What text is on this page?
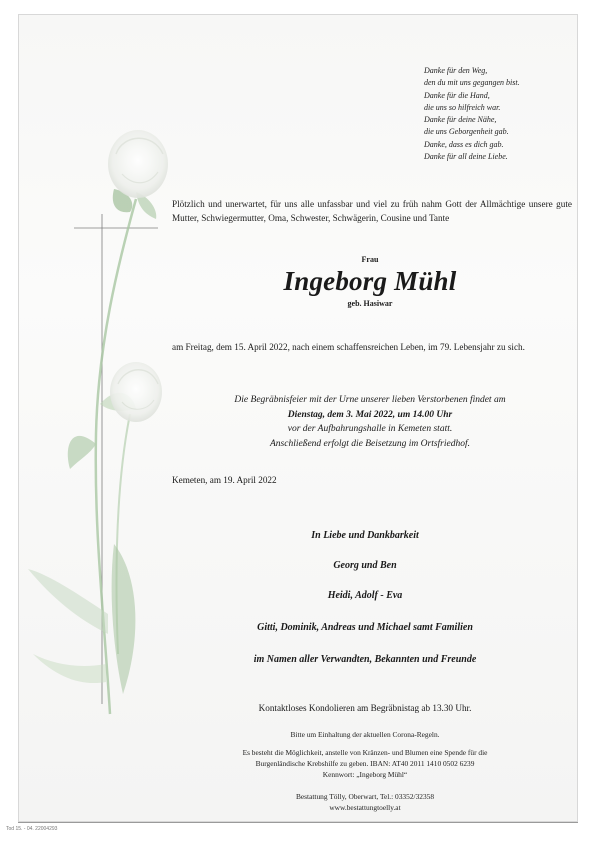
Tod 15. - 04. 22004293
Danke für den Weg,
den du mit uns gegangen bist.
Danke für die Hand,
die uns so hilfreich war.
Danke für deine Nähe,
die uns Geborgenheit gab.
Danke, dass es dich gab.
Danke für all deine Liebe.
Plötzlich und unerwartet, für uns alle unfassbar und viel zu früh nahm Gott der Allmächtige unsere gute Mutter, Schwiegermutter, Oma, Schwester, Schwägerin, Cousine und Tante
Frau
Ingeborg Mühl
geb. Hasiwar
am Freitag, dem 15. April 2022, nach einem schaffensreichen Leben, im 79. Lebensjahr zu sich.
Die Begräbnisfeier mit der Urne unserer lieben Verstorbenen findet am
Dienstag, dem 3. Mai 2022, um 14.00 Uhr
vor der Aufbahrungshalle in Kemeten statt.
Anschließend erfolgt die Beisetzung im Ortsfriedhof.
Kemeten, am 19. April 2022
In Liebe und Dankbarkeit
Georg und Ben
Heidi, Adolf - Eva
Gitti, Dominik, Andreas und Michael samt Familien
im Namen aller Verwandten, Bekannten und Freunde
Kontaktloses Kondolieren am Begräbnistag ab 13.30 Uhr.
Bitte um Einhaltung der aktuellen Corona-Regeln.
Es besteht die Möglichkeit, anstelle von Kränzen- und Blumen eine Spende für die
Burgenländische Krebshilfe zu geben. IBAN: AT40 2011 1410 0502 6239
Kennwort: „Ingeborg Mühl“
Bestattung Tölly, Oberwart, Tel.: 03352/32358
www.bestattungtoelly.at
